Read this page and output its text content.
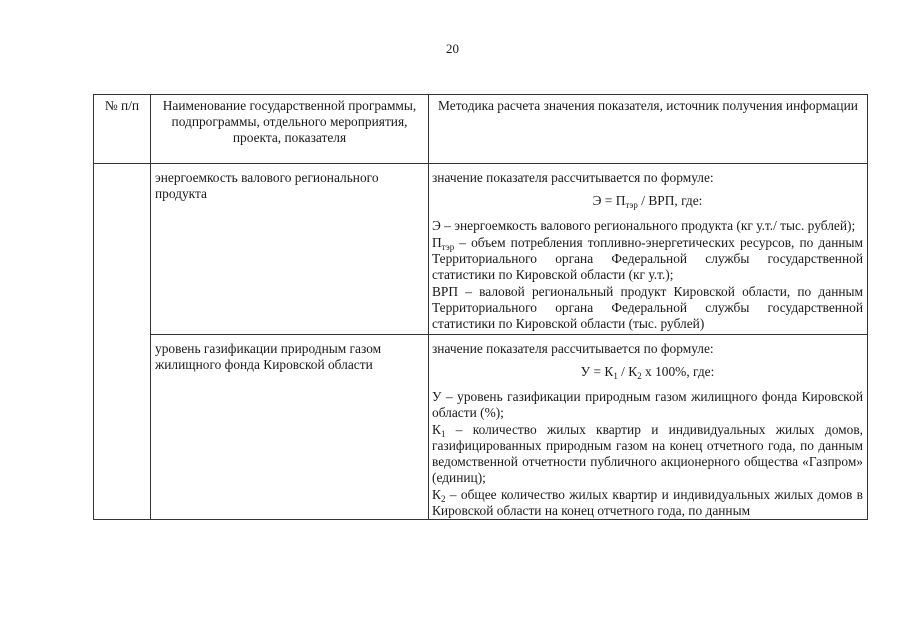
20
№ п/п	Наименование государственной программы, подпрограммы, отдельного мероприятия, проекта, показателя	Методика расчета значения показателя, источник получения информации

	энергоемкость валового регионального продукта	значение показателя рассчитывается по формуле:
$Э = П_{тэр}$ / ВРП, где:
Э – энергоемкость валового регионального продукта (кг у.т./ тыс. рублей);
$П_{тэр}$ – объем потребления топливно-энергетических ресурсов, по данным Территориального органа Федеральной службы государственной статистики по Кировской области (кг у.т.);
ВРП – валовой региональный продукт Кировской области, по данным Территориального органа Федеральной службы государственной статистики по Кировской области (тыс. рублей)

	уровень газификации природным газом жилищного фонда Кировской области	значение показателя рассчитывается по формуле:
$У = К_1 / К_2$ x 100%, где:
У – уровень газификации природным газом жилищного фонда Кировской области (%);
$К_1$ – количество жилых квартир и индивидуальных жилых домов, газифицированных природным газом на конец отчетного года, по данным ведомственной отчетности публичного акционерного общества «Газпром» (единиц);
$К_2$ – общее количество жилых квартир и индивидуальных жилых домов в Кировской области на конец отчетного года, по данным
